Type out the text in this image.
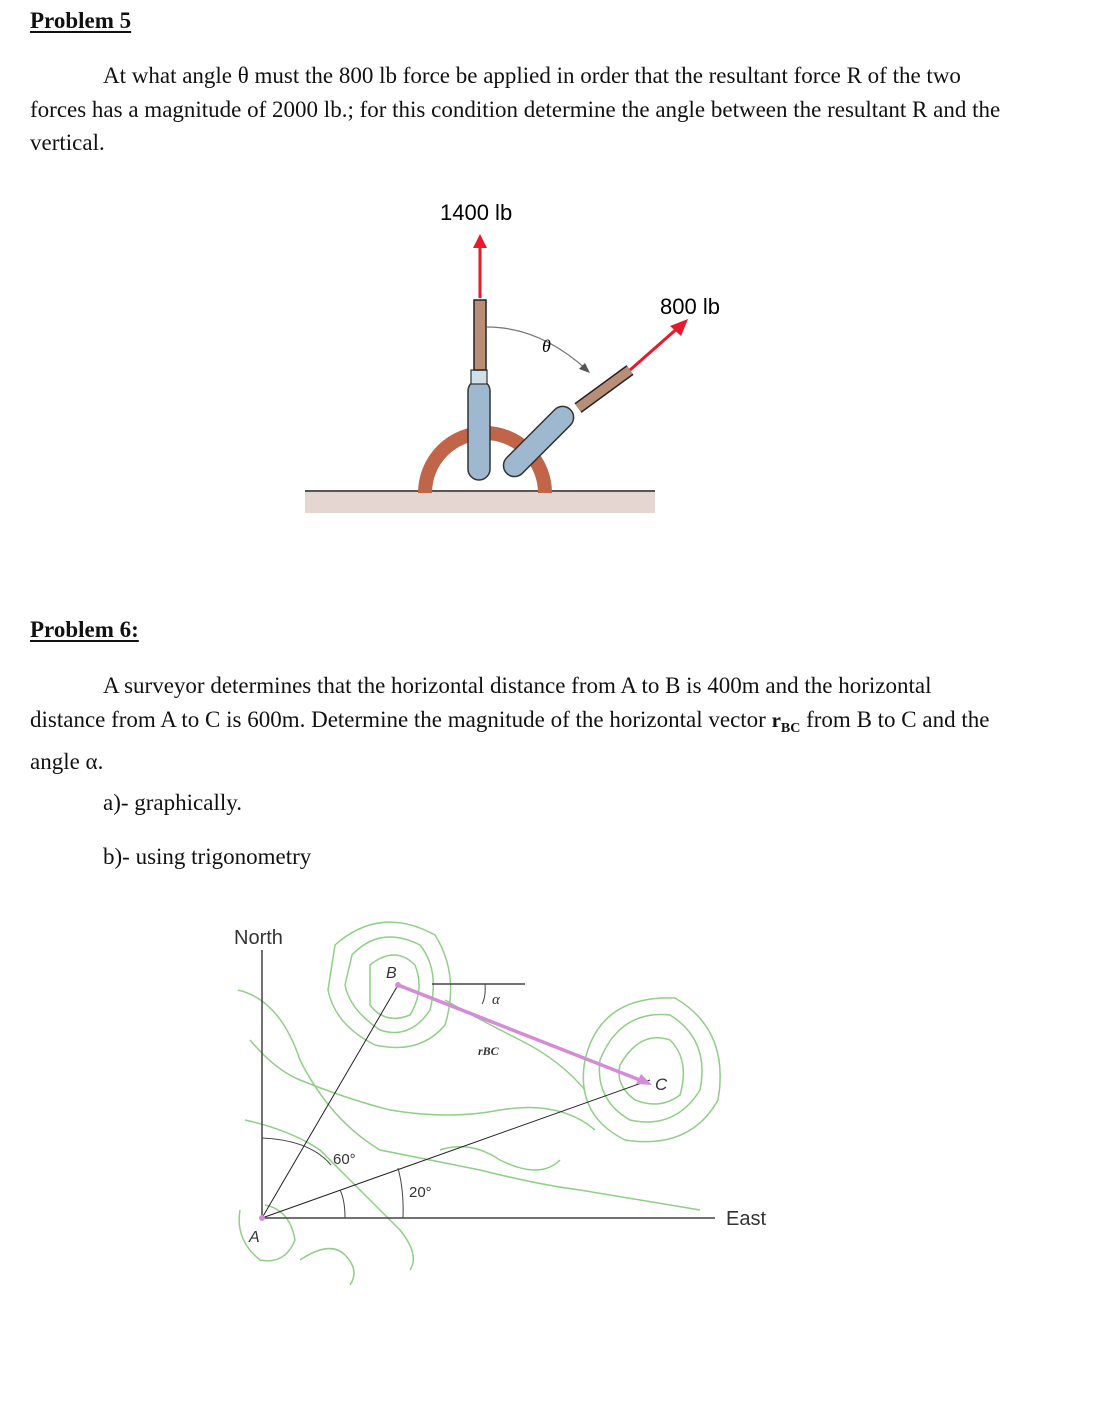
Problem 5

At what angle θ must the 800 lb force be applied in order that the resultant force R of the two forces has a magnitude of 2000 lb.; for this condition determine the angle between the resultant R and the vertical.

1400 lb
800 lb
θ
North
East
A
B
C
60°
20°
α
rBC
Problem 6:

A surveyor determines that the horizontal distance from A to B is 400m and the horizontal distance from A to C is 600m. Determine the magnitude of the horizontal vector $r_{BC}$ from B to C and the angle α.

a)- graphically.
b)- using trigonometry
